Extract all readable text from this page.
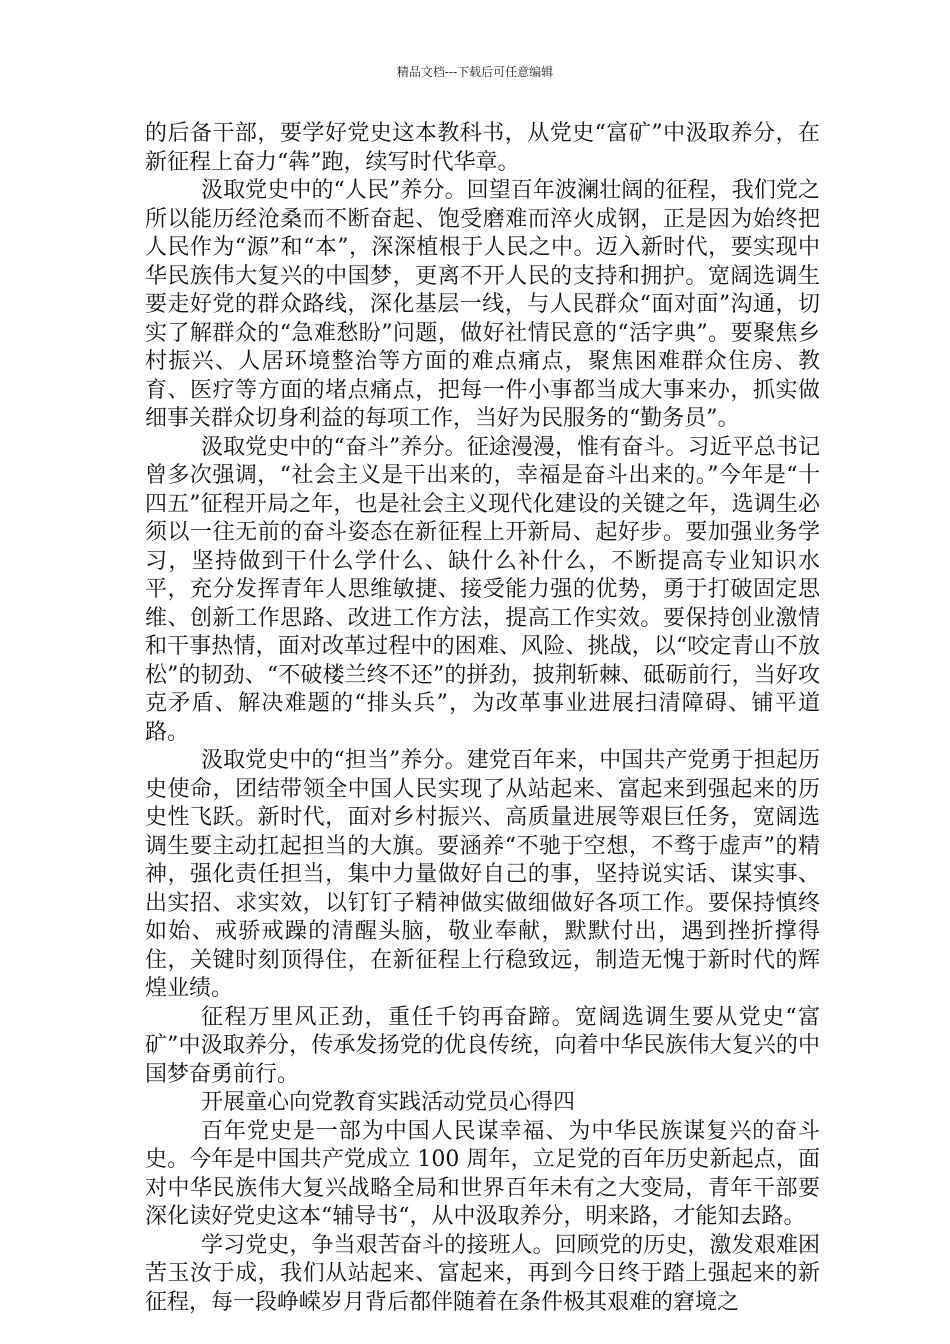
精品文档---下载后可任意编辑

的后备干部，要学好党史这本教科书，从党史“富矿”中汲取养分，在新征程上奋力“犇”跑，续写时代华章。

汲取党史中的“人民”养分。回望百年波澜壮阔的征程，我们党之所以能历经沧桑而不断奋起、饱受磨难而淬火成钢，正是因为始终把人民作为“源”和“本”，深深植根于人民之中。迈入新时代，要实现中华民族伟大复兴的中国梦，更离不开人民的支持和拥护。宽阔选调生要走好党的群众路线，深化基层一线，与人民群众“面对面”沟通，切实了解群众的“急难愁盼”问题，做好社情民意的“活字典”。要聚焦乡村振兴、人居环境整治等方面的难点痛点，聚焦困难群众住房、教育、医疗等方面的堵点痛点，把每一件小事都当成大事来办，抓实做细事关群众切身利益的每项工作，当好为民服务的“勤务员”。

汲取党史中的“奋斗”养分。征途漫漫，惟有奋斗。习近平总书记曾多次强调，“社会主义是干出来的，幸福是奋斗出来的。”今年是“十四五”征程开局之年，也是社会主义现代化建设的关键之年，选调生必须以一往无前的奋斗姿态在新征程上开新局、起好步。要加强业务学习，坚持做到干什么学什么、缺什么补什么，不断提高专业知识水平，充分发挥青年人思维敏捷、接受能力强的优势，勇于打破固定思维、创新工作思路、改进工作方法，提高工作实效。要保持创业激情和干事热情，面对改革过程中的困难、风险、挑战，以“咬定青山不放松”的韧劲、“不破楼兰终不还”的拼劲，披荆斩棘、砥砺前行，当好攻克矛盾、解决难题的“排头兵”，为改革事业进展扫清障碍、铺平道路。

汲取党史中的“担当”养分。建党百年来，中国共产党勇于担起历史使命，团结带领全中国人民实现了从站起来、富起来到强起来的历史性飞跃。新时代，面对乡村振兴、高质量进展等艰巨任务，宽阔选调生要主动扛起担当的大旗。要涵养“不驰于空想，不骛于虚声”的精神，强化责任担当，集中力量做好自己的事，坚持说实话、谋实事、出实招、求实效，以钉钉子精神做实做细做好各项工作。要保持慎终如始、戒骄戒躁的清醒头脑，敬业奉献，默默付出，遇到挫折撑得住，关键时刻顶得住，在新征程上行稳致远，制造无愧于新时代的辉煌业绩。

征程万里风正劲，重任千钧再奋蹄。宽阔选调生要从党史“富矿”中汲取养分，传承发扬党的优良传统，向着中华民族伟大复兴的中国梦奋勇前行。

开展童心向党教育实践活动党员心得四

百年党史是一部为中国人民谋幸福、为中华民族谋复兴的奋斗史。今年是中国共产党成立 100 周年，立足党的百年历史新起点，面对中华民族伟大复兴战略全局和世界百年未有之大变局，青年干部要深化读好党史这本“辅导书“，从中汲取养分，明来路，才能知去路。

学习党史，争当艰苦奋斗的接班人。回顾党的历史，激发艰难困苦玉汝于成，我们从站起来、富起来，再到今日终于踏上强起来的新征程，每一段峥嵘岁月背后都伴随着在条件极其艰难的窘境之
